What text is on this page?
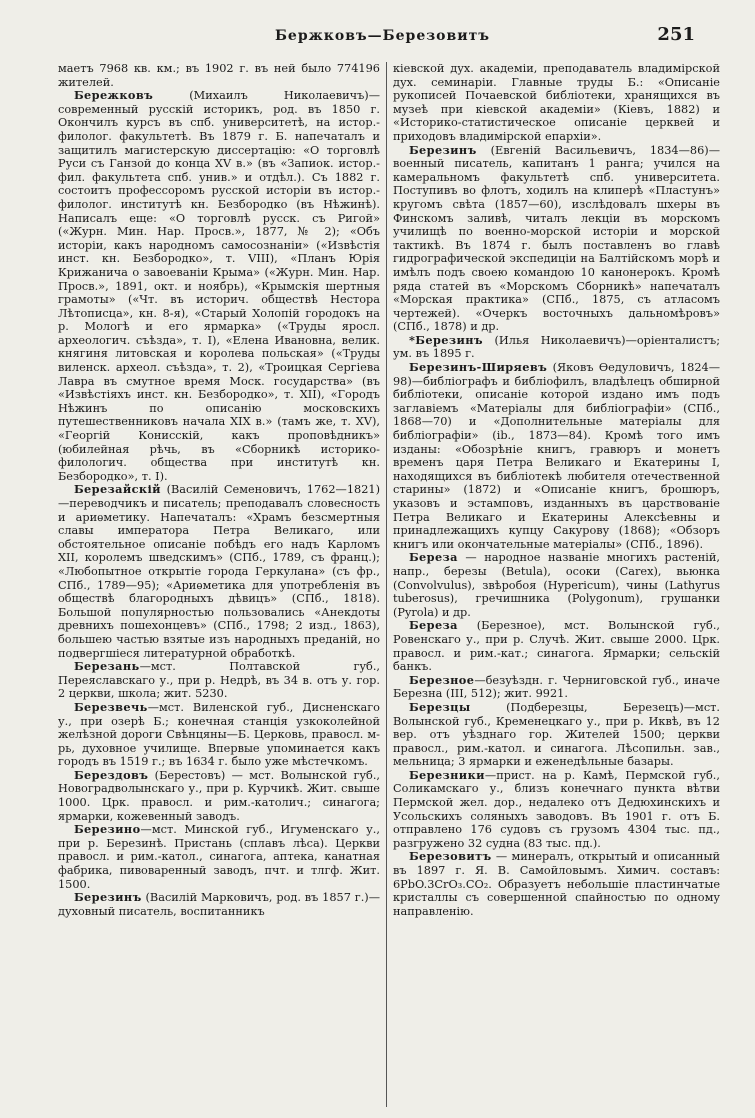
Бержковъ—Березовитъ	251

маетъ 7968 кв. км.; въ 1902 г. въ ней было 774196 жителей.

Бережковъ (Михаилъ Николаевичъ)—современный русскій историкъ, род. въ 1850 г. Окончилъ курсъ въ спб. университетѣ, на истор.-филолог. факультетѣ. Въ 1879 г. Б. напечаталъ и защитилъ магистерскую диссертацію: «О торговлѣ Руси съ Ганзой до конца XV в.» (въ «Запиок. истор.-фил. факультета спб. унив.» и отдѣл.). Съ 1882 г. состоитъ профессоромъ русской исторіи въ истор.-филолог. институтѣ кн. Безбородко (въ Нѣжинѣ). Написалъ еще: «О торговлѣ русск. съ Ригой» («Журн. Мин. Нар. Просв.», 1877, № 2); «Объ исторіи, какъ народномъ самосознаніи» («Извѣстія инст. кн. Безбородко», т. VIII), «Планъ Юрія Крижанича о завоеваніи Крыма» («Журн. Мин. Нар. Просв.», 1891, окт. и ноябрь), «Крымскія шертныя грамоты» («Чт. въ историч. обществѣ Нестора Лѣтописца», кн. 8-я), «Старый Холопій городокъ на р. Мологѣ и его ярмарка» («Труды яросл. археологич. съѣзда», т. I), «Елена Ивановна, велик. княгиня литовская и королева польская» («Труды виленск. археол. съѣзда», т. 2), «Троицкая Сергіева Лавра въ смутное время Моск. государства» (въ «Извѣстіяхъ инст. кн. Безбородко», т. XII), «Городъ Нѣжинъ по описанію московскихъ путешественниковъ начала XIX в.» (тамъ же, т. XV), «Георгій Конисскій, какъ проповѣдникъ» (юбилейная рѣчь, въ «Сборникѣ историко-филологич. общества при институтѣ кн. Безбородко», т. I).

Березайскій (Василій Семеновичъ, 1762—1821)—переводчикъ и писатель; преподавалъ словесность и ариѳметику. Напечаталъ: «Храмъ безсмертныя славы императора Петра Великаго, или обстоятельное описаніе побѣдъ его надъ Карломъ XII, королемъ шведскимъ» (СПб., 1789, съ франц.); «Любопытное открытіе города Геркулана» (съ фр., СПб., 1789—95); «Ариѳметика для употребленія въ обществѣ благородныхъ дѣвицъ» (СПб., 1818). Большой популярностью пользовались «Анекдоты древнихъ пошехонцевъ» (СПб., 1798; 2 изд., 1863), большею частью взятые изъ народныхъ преданій, но подвергшіеся литературной обработкѣ.

Березань—мст. Полтавской губ., Переяславскаго у., при р. Недрѣ, въ 34 в. отъ у. гор. 2 церкви, школа; жит. 5230.

Березвечь—мст. Виленской губ., Дисненскаго у., при озерѣ Б.; конечная станція узкоколейной желѣзной дороги Свѣнцяны—Б. Церковь, правосл. м-рь, духовное училище. Впервые упоминается какъ городъ въ 1519 г.; въ 1634 г. было уже мѣстечкомъ.

Берездовъ (Берестовъ) — мст. Волынской губ., Новоградволынскаго у., при р. Курчикѣ. Жит. свыше 1000. Црк. правосл. и рим.-католич.; синагога; ярмарки, кожевенный заводъ.

Березино—мст. Минской губ., Игуменскаго у., при р. Березинѣ. Пристань (сплавъ лѣса). Церкви правосл. и рим.-катол., синагога, аптека, канатная фабрика, пивоваренный заводъ, пчт. и тлгф. Жит. 1500.

Березинъ (Василій Марковичъ, род. въ 1857 г.)—духовный писатель, воспитанникъ

кіевской дух. академіи, преподаватель владимірской дух. семинаріи. Главные труды Б.: «Описаніе рукописей Почаевской библіотеки, хранящихся въ музеѣ при кіевской академіи» (Кіевъ, 1882) и «Историко-статистическое описаніе церквей и приходовъ владимірской епархіи».

Березинъ (Евгеній Васильевичъ, 1834—86)—военный писатель, капитанъ 1 ранга; учился на камеральномъ факультетѣ спб. университета. Поступивъ во флотъ, ходилъ на клиперѣ «Пластунъ» кругомъ свѣта (1857—60), изслѣдовалъ шхеры въ Финскомъ заливѣ, читалъ лекціи въ морскомъ училищѣ по военно-морской исторіи и морской тактикѣ. Въ 1874 г. былъ поставленъ во главѣ гидрографической экспедиціи на Балтійскомъ морѣ и имѣлъ подъ своею командою 10 канонерокъ. Кромѣ ряда статей въ «Морскомъ Сборникѣ» напечаталъ «Морская практика» (СПб., 1875, съ атласомъ чертежей). «Очеркъ восточныхъ дальномѣровъ» (СПб., 1878) и др.

*Березинъ (Илья Николаевичъ)—оріенталистъ; ум. въ 1895 г.

Березинъ-Ширяевъ (Яковъ Ѳедуловичъ, 1824—98)—библіографъ и библіофилъ, владѣлецъ обширной библіотеки, описаніе которой издано имъ подъ заглавіемъ «Матеріалы для библіографіи» (СПб., 1868—70) и «Дополнительные матеріалы для библіографіи» (ib., 1873—84). Кромѣ того имъ изданы: «Обозрѣніе книгъ, гравюръ и монетъ временъ царя Петра Великаго и Екатерины I, находящихся въ библіотекѣ любителя отечественной старины» (1872) и «Описаніе книгъ, брошюръ, указовъ и эстамповъ, изданныхъ въ царствованіе Петра Великаго и Екатерины Алексѣевны и принадлежащихъ купцу Сакурову (1868); «Обзоръ книгъ или окончательные матеріалы» (СПб., 1896).

Береза — народное названіе многихъ растеній, напр., березы (Betula), осоки (Carex), вьюнка (Convolvulus), звѣробоя (Hypericum), чины (Lathyrus tuberosus), гречишника (Polygonum), грушанки (Pyrola) и др.

Береза (Березное), мст. Волынской губ., Ровенскаго у., при р. Случѣ. Жит. свыше 2000. Црк. правосл. и рим.-кат.; синагога. Ярмарки; сельскій банкъ.

Березное—безуѣздн. г. Черниговской губ., иначе Березна (III, 512); жит. 9921.

Березцы (Подберезцы, Березецъ)—мст. Волынской губ., Кременецкаго у., при р. Иквѣ, въ 12 вер. отъ уѣзднаго гор. Жителей 1500; церкви правосл., рим.-катол. и синагога. Лѣсопильн. зав., мельница; 3 ярмарки и еженедѣльные базары.

Березники—прист. на р. Камѣ, Пермской губ., Соликамскаго у., близъ конечнаго пункта вѣтви Пермской жел. дор., недалеко отъ Дедюхинскихъ и Усольскихъ соляныхъ заводовъ. Въ 1901 г. отъ Б. отправлено 176 судовъ съ грузомъ 4304 тыс. пд., разгружено 32 судна (83 тыс. пд.).

Березовитъ — минералъ, открытый и описанный въ 1897 г. Я. В. Самойловымъ. Химич. составъ: 6PbO.3CrO₃.CO₂. Образуетъ небольшіе пластинчатые кристаллы съ совершенной спайностью по одному направленію.
